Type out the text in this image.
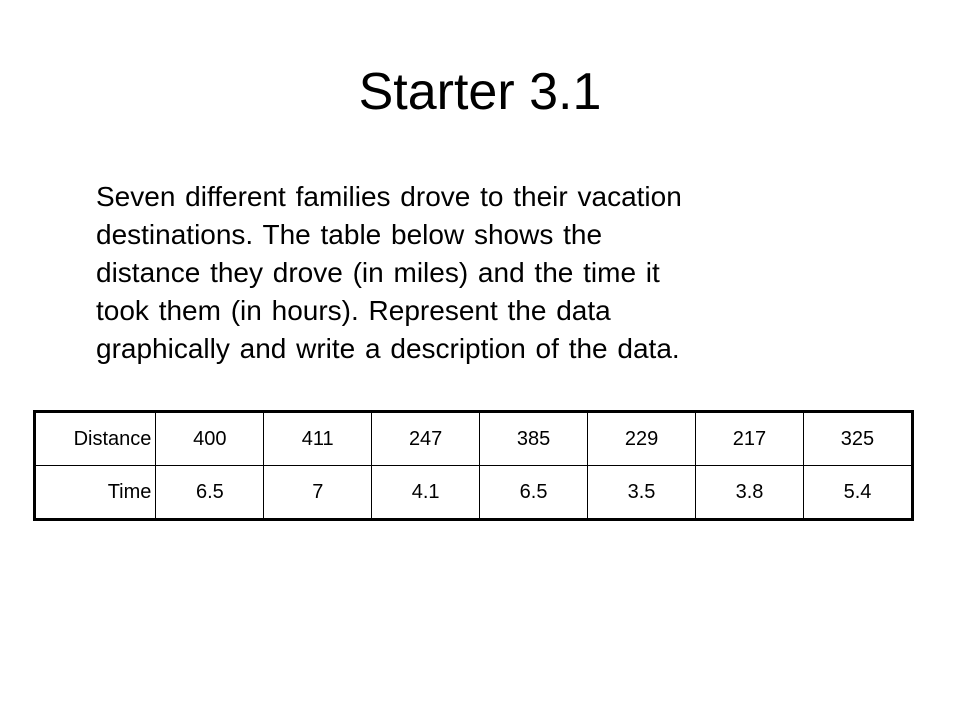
Starter 3.1

Seven different families drove to their vacation
destinations. The table below shows the
distance they drove (in miles) and the time it
took them (in hours). Represent the data
graphically and write a description of the data.

Distance	400	411	247	385	229	217	325
Time	6.5	7	4.1	6.5	3.5	3.8	5.4
